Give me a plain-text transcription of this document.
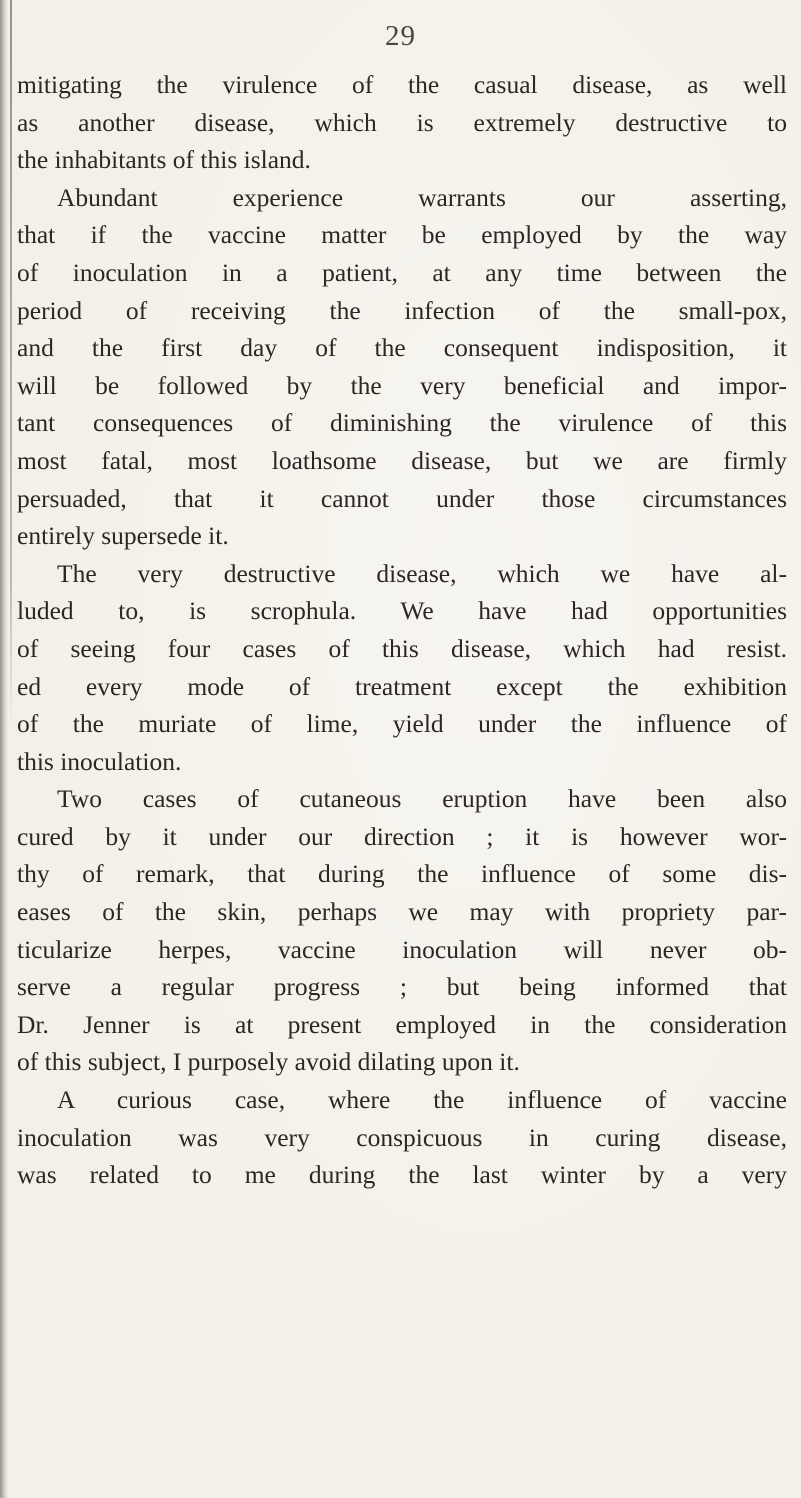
29
mitigating the virulence of the casual disease, as well
as another disease, which is extremely destructive to
the inhabitants of this island.
Abundant experience warrants our asserting,
that if the vaccine matter be employed by the way
of inoculation in a patient, at any time between the
period of receiving the infection of the small-pox,
and the first day of the consequent indisposition, it
will be followed by the very beneficial and impor-
tant consequences of diminishing the virulence of this
most fatal, most loathsome disease, but we are firmly
persuaded, that it cannot under those circumstances
entirely supersede it.
The very destructive disease, which we have al-
luded to, is scrophula. We have had opportunities
of seeing four cases of this disease, which had resist.
ed every mode of treatment except the exhibition
of the muriate of lime, yield under the influence of
this inoculation.
Two cases of cutaneous eruption have been also
cured by it under our direction ; it is however wor-
thy of remark, that during the influence of some dis-
eases of the skin, perhaps we may with propriety par-
ticularize herpes, vaccine inoculation will never ob-
serve a regular progress ; but being informed that
Dr. Jenner is at present employed in the consideration
of this subject, I purposely avoid dilating upon it.
A curious case, where the influence of vaccine
inoculation was very conspicuous in curing disease,
was related to me during the last winter by a very
